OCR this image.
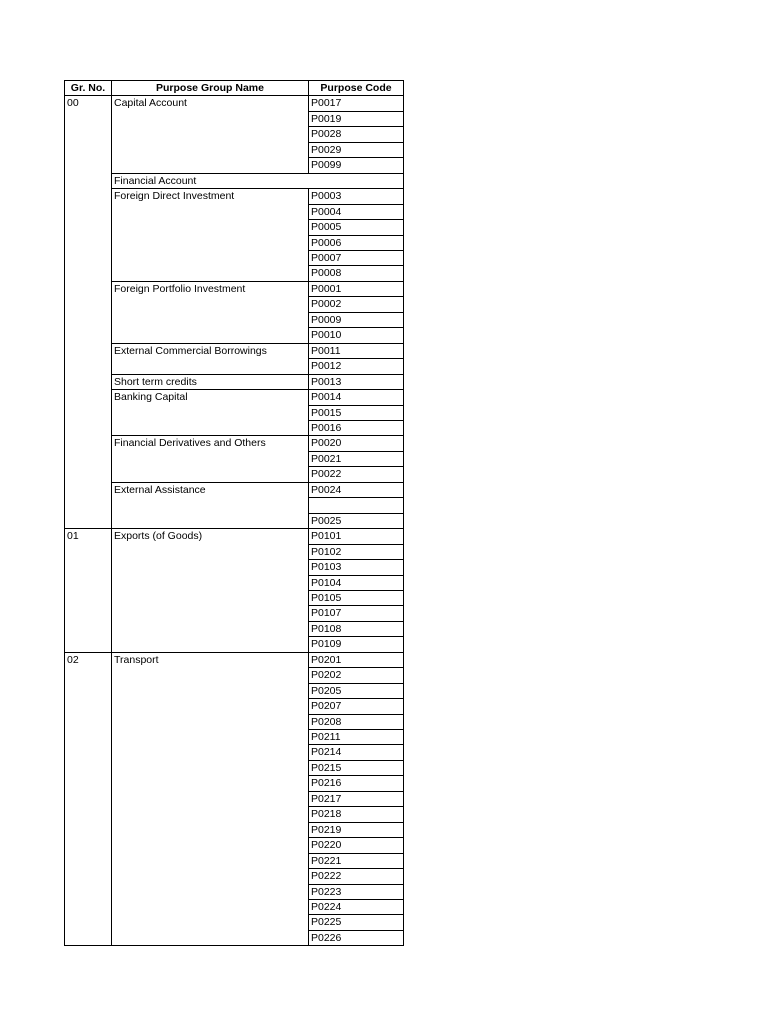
Gr. No.	Purpose Group Name	Purpose Code
00	Capital Account	P0017
		P0019
		P0028
		P0029
		P0099
	Financial Account	
	Foreign Direct Investment	P0003
		P0004
		P0005
		P0006
		P0007
		P0008
	Foreign Portfolio Investment	P0001
		P0002
		P0009
		P0010
	External Commercial Borrowings	P0011
		P0012
	Short term credits	P0013
	Banking Capital	P0014
		P0015
		P0016
	Financial Derivatives and Others	P0020
		P0021
		P0022
	External Assistance	P0024

		P0025
01	Exports (of Goods)	P0101
		P0102
		P0103
		P0104
		P0105
		P0107
		P0108
		P0109
02	Transport	P0201
		P0202
		P0205
		P0207
		P0208
		P0211
		P0214
		P0215
		P0216
		P0217
		P0218
		P0219
		P0220
		P0221
		P0222
		P0223
		P0224
		P0225
		P0226
